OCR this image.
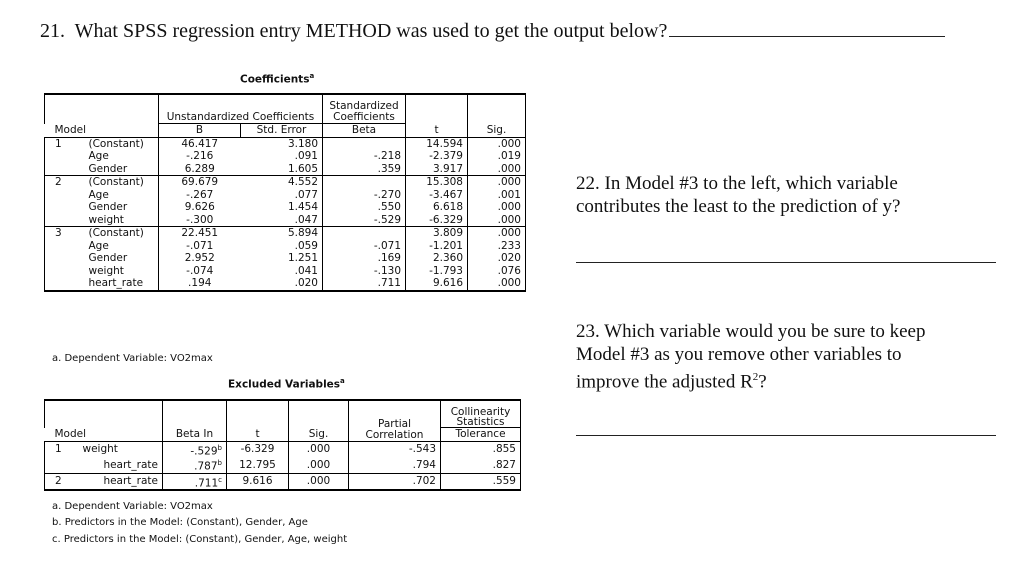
21. What SPSS regression entry METHOD was used to get the output below?
Coefficients$^a$
		Unstandardized Coefficients		Standardized
Coefficients		
Model		B	Std. Error	Beta	t	Sig.
1	(Constant)	46.417	3.180		14.594	.000
	Age	-.216	.091	-.218	-2.379	.019
	Gender	6.289	1.605	.359	3.917	.000
2	(Constant)	69.679	4.552		15.308	.000
	Age	-.267	.077	-.270	-3.467	.001
	Gender	9.626	1.454	.550	6.618	.000
	weight	-.300	.047	-.529	-6.329	.000
3	(Constant)	22.451	5.894		3.809	.000
	Age	-.071	.059	-.071	-1.201	.233
	Gender	2.952	1.251	.169	2.360	.020
	weight	-.074	.041	-.130	-1.793	.076
	heart_rate	.194	.020	.711	9.616	.000
a. Dependent Variable: VO2max
Excluded Variables$^a$
					Partial
Correlation	Collinearity
Statistics
Model		Beta In	t	Sig.		Tolerance
1	weight	-.529$^b$	-6.329	.000	-.543	.855
	heart_rate	.787$^b$	12.795	.000	.794	.827
2	heart_rate	.711$^c$	9.616	.000	.702	.559
a. Dependent Variable: VO2max
b. Predictors in the Model: (Constant), Gender, Age
c. Predictors in the Model: (Constant), Gender, Age, weight
22. In Model #3 to the left, which variable
contributes the least to the prediction of y?
23. Which variable would you be sure to keep
Model #3 as you remove other variables to
improve the adjusted $R^2$?
